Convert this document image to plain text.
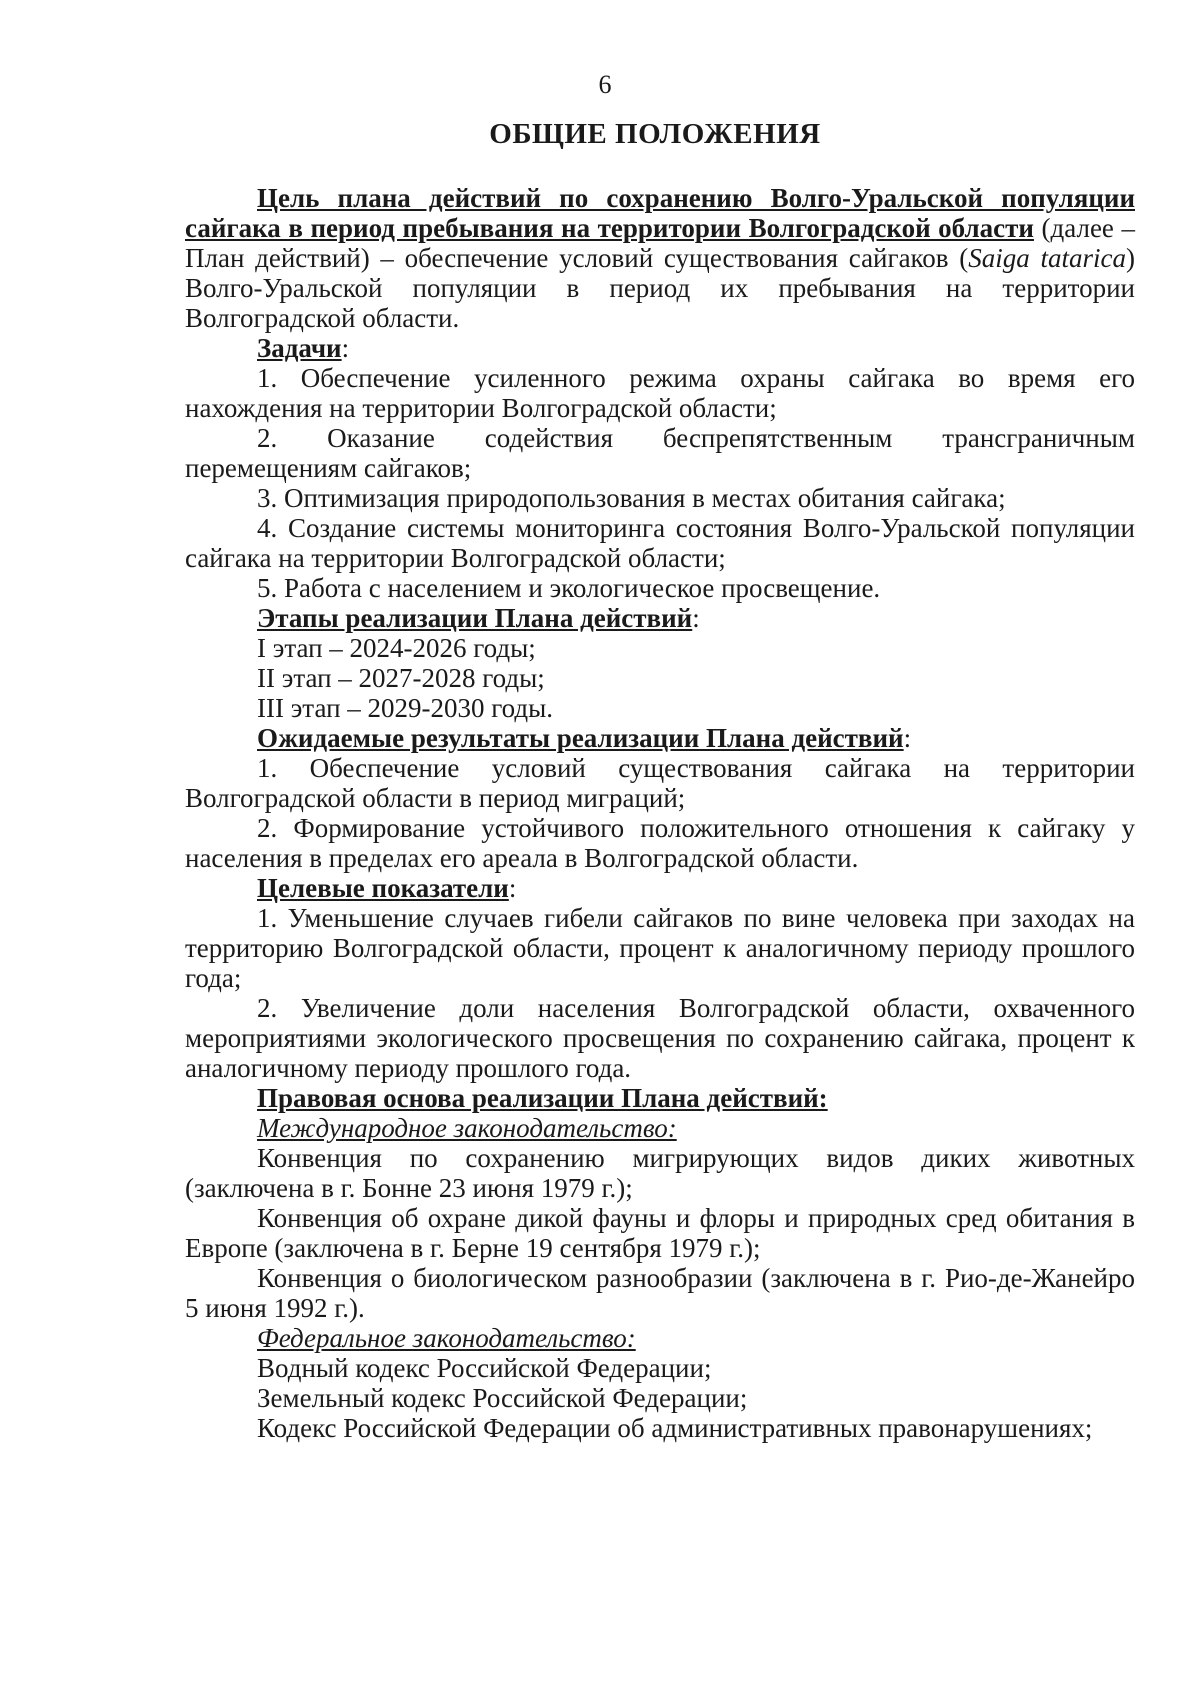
6
ОБЩИЕ ПОЛОЖЕНИЯ

Цель плана действий по сохранению Волго-Уральской популяции сайгака в период пребывания на территории Волгоградской области (далее – План действий) – обеспечение условий существования сайгаков (Saiga tatarica) Волго-Уральской популяции в период их пребывания на территории Волгоградской области.

Задачи:

1. Обеспечение усиленного режима охраны сайгака во время его нахождения на территории Волгоградской области;

2. Оказание содействия беспрепятственным трансграничным перемещениям сайгаков;

3. Оптимизация природопользования в местах обитания сайгака;

4. Создание системы мониторинга состояния Волго-Уральской популяции сайгака на территории Волгоградской области;

5. Работа с населением и экологическое просвещение.

Этапы реализации Плана действий:

I этап – 2024-2026 годы;

II этап – 2027-2028 годы;

III этап – 2029-2030 годы.

Ожидаемые результаты реализации Плана действий:

1. Обеспечение условий существования сайгака на территории Волгоградской области в период миграций;

2. Формирование устойчивого положительного отношения к сайгаку у населения в пределах его ареала в Волгоградской области.

Целевые показатели:

1. Уменьшение случаев гибели сайгаков по вине человека при заходах на территорию Волгоградской области, процент к аналогичному периоду прошлого года;

2. Увеличение доли населения Волгоградской области, охваченного мероприятиями экологического просвещения по сохранению сайгака, процент к аналогичному периоду прошлого года.

Правовая основа реализации Плана действий:

Международное законодательство:

Конвенция по сохранению мигрирующих видов диких животных (заключена в г. Бонне 23 июня 1979 г.);

Конвенция об охране дикой фауны и флоры и природных сред обитания в Европе (заключена в г. Берне 19 сентября 1979 г.);

Конвенция о биологическом разнообразии (заключена в г. Рио-де-Жанейро 5 июня 1992 г.).

Федеральное законодательство:

Водный кодекс Российской Федерации;

Земельный кодекс Российской Федерации;

Кодекс Российской Федерации об административных правонарушениях;
